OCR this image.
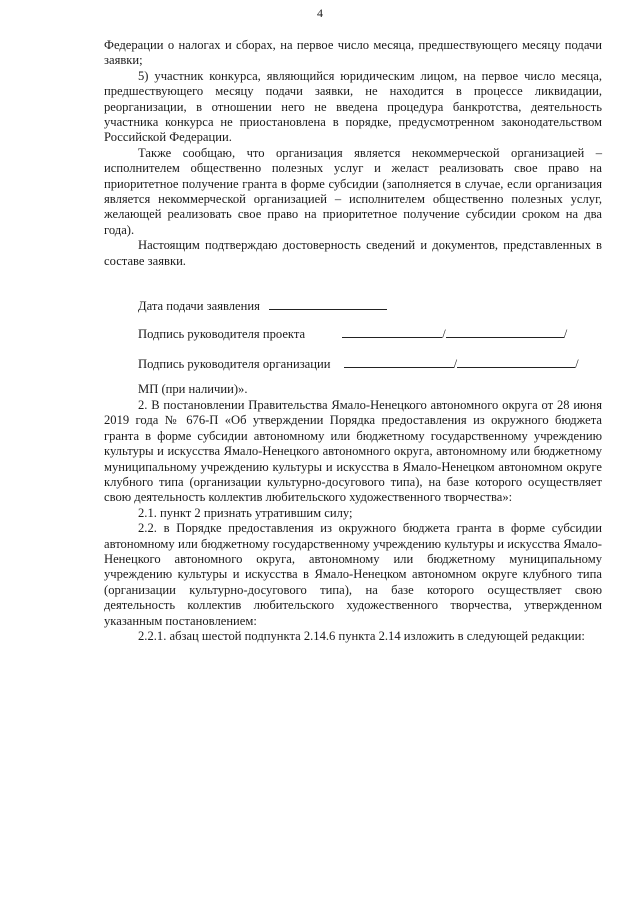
4

Федерации о налогах и сборах, на первое число месяца, предшествующего месяцу подачи заявки;

5) участник конкурса, являющийся юридическим лицом, на первое число месяца, предшествующего месяцу подачи заявки, не находится в процессе ликвидации, реорганизации, в отношении него не введена процедура банкротства, деятельность участника конкурса не приостановлена в порядке, предусмотренном законодательством Российской Федерации.

Также сообщаю, что организация является некоммерческой организацией – исполнителем общественно полезных услуг и желаст реализовать свое право на приоритетное получение гранта в форме субсидии (заполняется в случае, если организация является некоммерческой организацией – исполнителем общественно полезных услуг, желающей реализовать свое право на приоритетное получение субсидии сроком на два года).

Настоящим подтверждаю достоверность сведений и документов, представленных в составе заявки.

Дата подачи заявления
Подпись руководителя проекта	/	/
Подпись руководителя организации	/	/
МП (при наличии)».

2. В постановлении Правительства Ямало-Ненецкого автономного округа от 28 июня 2019 года № 676-П «Об утверждении Порядка предоставления из окружного бюджета гранта в форме субсидии автономному или бюджетному государственному учреждению культуры и искусства Ямало-Ненецкого автономного округа, автономному или бюджетному муниципальному учреждению культуры и искусства в Ямало-Ненецком автономном округе клубного типа (организации культурно-досугового типа), на базе которого осуществляет свою деятельность коллектив любительского художественного творчества»:

2.1. пункт 2 признать утратившим силу;

2.2. в Порядке предоставления из окружного бюджета гранта в форме субсидии автономному или бюджетному государственному учреждению культуры и искусства Ямало-Ненецкого автономного округа, автономному или бюджетному муниципальному учреждению культуры и искусства в Ямало-Ненецком автономном округе клубного типа (организации культурно-досугового типа), на базе которого осуществляет свою деятельность коллектив любительского художественного творчества, утвержденном указанным постановлением:

2.2.1. абзац шестой подпункта 2.14.6 пункта 2.14 изложить в следующей редакции:
